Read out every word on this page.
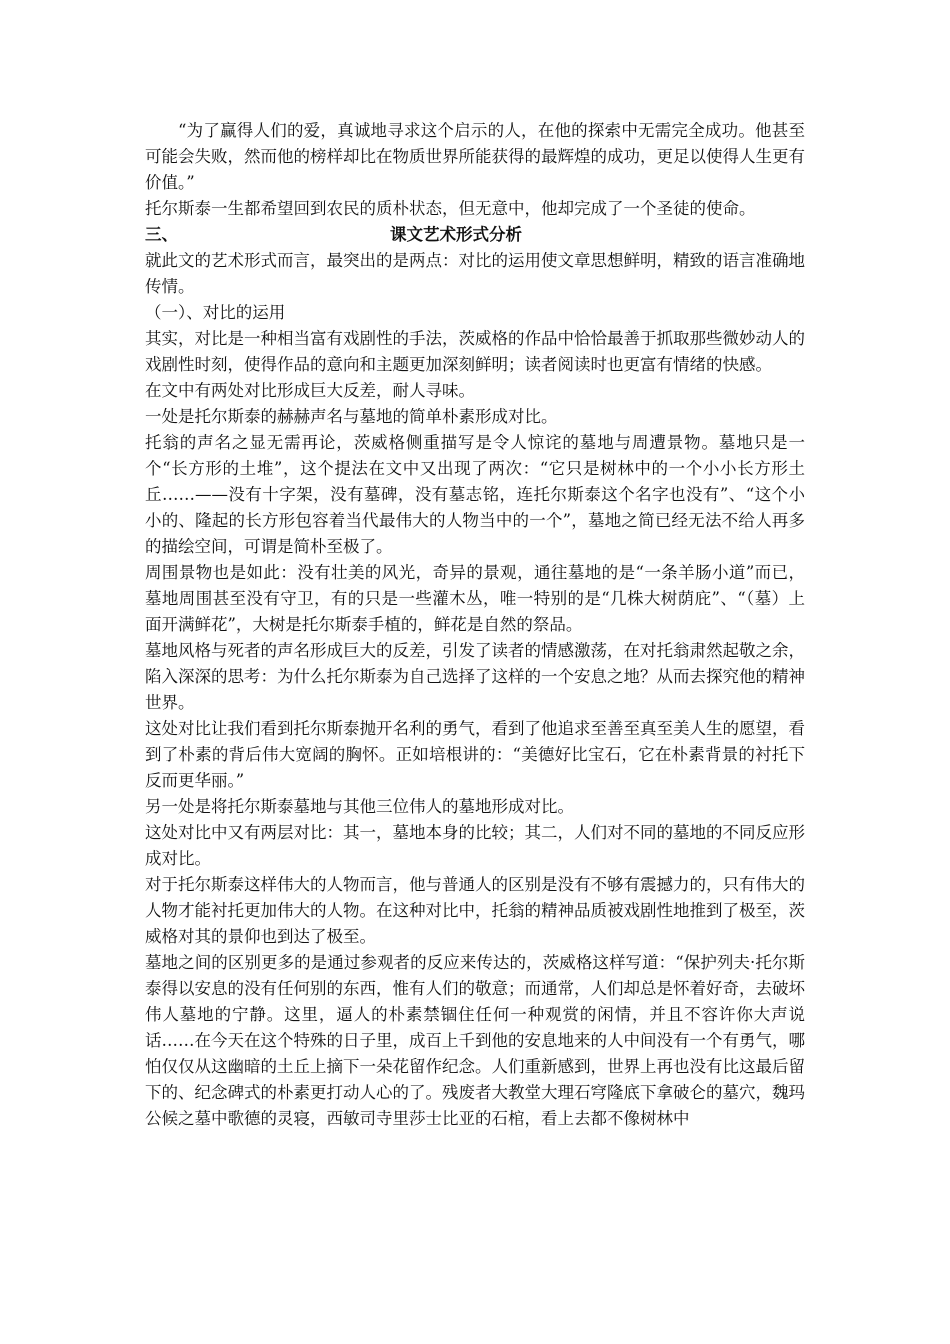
“为了赢得人们的爱，真诚地寻求这个启示的人，在他的探索中无需完全成功。他甚至可能会失败，然而他的榜样却比在物质世界所能获得的最辉煌的成功，更足以使得人生更有价值。”

托尔斯泰一生都希望回到农民的质朴状态，但无意中，他却完成了一个圣徒的使命。

三、	课文艺术形式分析

就此文的艺术形式而言，最突出的是两点：对比的运用使文章思想鲜明，精致的语言准确地传情。

（一）、对比的运用

其实，对比是一种相当富有戏剧性的手法，茨威格的作品中恰恰最善于抓取那些微妙动人的戏剧性时刻，使得作品的意向和主题更加深刻鲜明；读者阅读时也更富有情绪的快感。

在文中有两处对比形成巨大反差，耐人寻味。

一处是托尔斯泰的赫赫声名与墓地的简单朴素形成对比。

托翁的声名之显无需再论，茨威格侧重描写是令人惊诧的墓地与周遭景物。墓地只是一个“长方形的土堆”，这个提法在文中又出现了两次：“它只是树林中的一个小小长方形土丘……——没有十字架，没有墓碑，没有墓志铭，连托尔斯泰这个名字也没有”、“这个小小的、隆起的长方形包容着当代最伟大的人物当中的一个”，墓地之简已经无法不给人再多的描绘空间，可谓是简朴至极了。

周围景物也是如此：没有壮美的风光，奇异的景观，通往墓地的是“一条羊肠小道”而已，墓地周围甚至没有守卫，有的只是一些灌木丛，唯一特别的是“几株大树荫庇”、“（墓）上面开满鲜花”，大树是托尔斯泰手植的，鲜花是自然的祭品。

墓地风格与死者的声名形成巨大的反差，引发了读者的情感激荡，在对托翁肃然起敬之余，陷入深深的思考：为什么托尔斯泰为自己选择了这样的一个安息之地？从而去探究他的精神世界。

这处对比让我们看到托尔斯泰抛开名利的勇气，看到了他追求至善至真至美人生的愿望，看到了朴素的背后伟大宽阔的胸怀。正如培根讲的：“美德好比宝石，它在朴素背景的衬托下反而更华丽。”

另一处是将托尔斯泰墓地与其他三位伟人的墓地形成对比。

这处对比中又有两层对比：其一，墓地本身的比较；其二，人们对不同的墓地的不同反应形成对比。

对于托尔斯泰这样伟大的人物而言，他与普通人的区别是没有不够有震撼力的，只有伟大的人物才能衬托更加伟大的人物。在这种对比中，托翁的精神品质被戏剧性地推到了极至，茨威格对其的景仰也到达了极至。

墓地之间的区别更多的是通过参观者的反应来传达的，茨威格这样写道：“保护列夫·托尔斯泰得以安息的没有任何别的东西，惟有人们的敬意；而通常，人们却总是怀着好奇，去破坏伟人墓地的宁静。这里，逼人的朴素禁锢住任何一种观赏的闲情，并且不容许你大声说话……在今天在这个特殊的日子里，成百上千到他的安息地来的人中间没有一个有勇气，哪怕仅仅从这幽暗的土丘上摘下一朵花留作纪念。人们重新感到，世界上再也没有比这最后留下的、纪念碑式的朴素更打动人心的了。残废者大教堂大理石穹隆底下拿破仑的墓穴，魏玛公候之墓中歌德的灵寝，西敏司寺里莎士比亚的石棺，看上去都不像树林中
